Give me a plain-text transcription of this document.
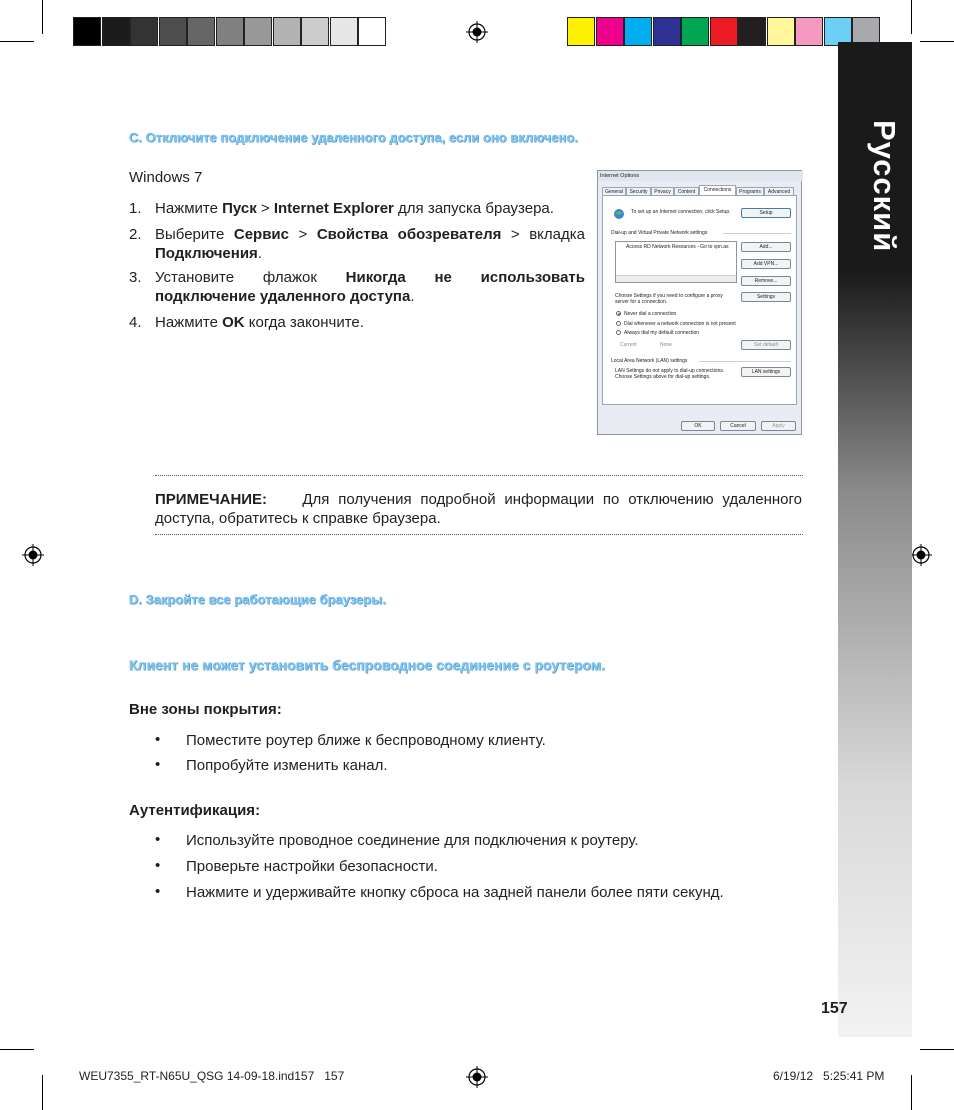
Русский
C. Отключите подключение удаленного доступа, если оно включено.
Windows 7
1. Нажмите Пуск > Internet Explorer для запуска браузера.
2. Выберите Сервис > Свойства обозревателя > вкладка Подключения.
3. Установите флажок Никогда не использовать подключение удаленного доступа.
4. Нажмите OK когда закончите.
Internet Options
General	Security	Privacy	Content	Connections	Programs	Advanced
To set up an Internet connection, click Setup.	Setup
Dial-up and Virtual Private Network settings
Access RD Network Resources - Go to vpn.as	Add...
Add VPN...
Remove...
Choose Settings if you need to configure a proxy server for a connection.
Settings
Never dial a connection
Dial whenever a network connection is not present
Always dial my default connection
Current	None	Set default
Local Area Network (LAN) settings
LAN Settings do not apply to dial-up connections. Choose Settings above for dial-up settings.
LAN settings
OK	Cancel	Apply
ПРИМЕЧАНИЕ: Для получения подробной информации по отключению удаленного доступа, обратитесь к справке браузера.
D. Закройте все работающие браузеры.
Клиент не может установить беспроводное соединение с роутером.
Вне зоны покрытия:
• Поместите роутер ближе к беспроводному клиенту.
• Попробуйте изменить канал.
Аутентификация:
• Используйте проводное соединение для подключения к роутеру.
• Проверьте настройки безопасности.
• Нажмите и удерживайте кнопку сброса на задней панели более пяти секунд.
157
WEU7355_RT-N65U_QSG 14-09-18.ind157   157	6/19/12   5:25:41 PM
